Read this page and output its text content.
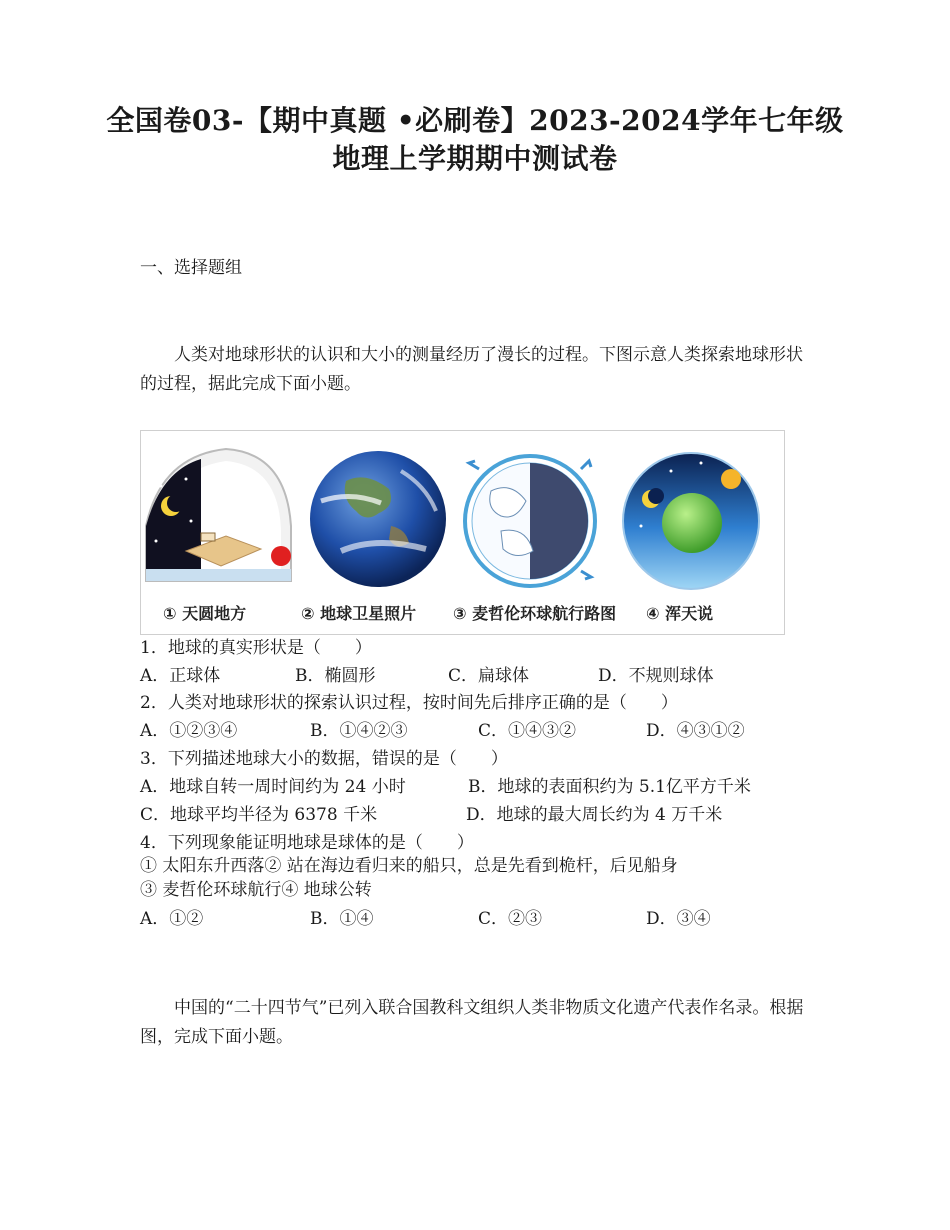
全国卷03-【期中真题 •必刷卷】2023-2024学年七年级
地理上学期期中测试卷
一、选择题组

人类对地球形状的认识和大小的测量经历了漫长的过程。下图示意人类探索地球形状的过程，据此完成下面小题。

① 天圆地方	② 地球卫星照片 ③ 麦哲伦环球航行路图 ④ 浑天说
1．地球的真实形状是（　　）
A．正球体	B．椭圆形	C．扁球体	D．不规则球体
2．人类对地球形状的探索认识过程，按时间先后排序正确的是（　　）
A．①②③④	B．①④②③	C．①④③②	D．④③①②
3．下列描述地球大小的数据，错误的是（　　）
A．地球自转一周时间约为 24 小时	B．地球的表面积约为 5.1亿平方千米
C．地球平均半径为 6378 千米	D．地球的最大周长约为 4 万千米
4．下列现象能证明地球是球体的是（　　）
① 太阳东升西落② 站在海边看归来的船只，总是先看到桅杆，后见船身
③ 麦哲伦环球航行④ 地球公转
A．①②	B．①④	C．②③	D．③④

中国的“二十四节气”已列入联合国教科文组织人类非物质文化遗产代表作名录。根据图，完成下面小题。
